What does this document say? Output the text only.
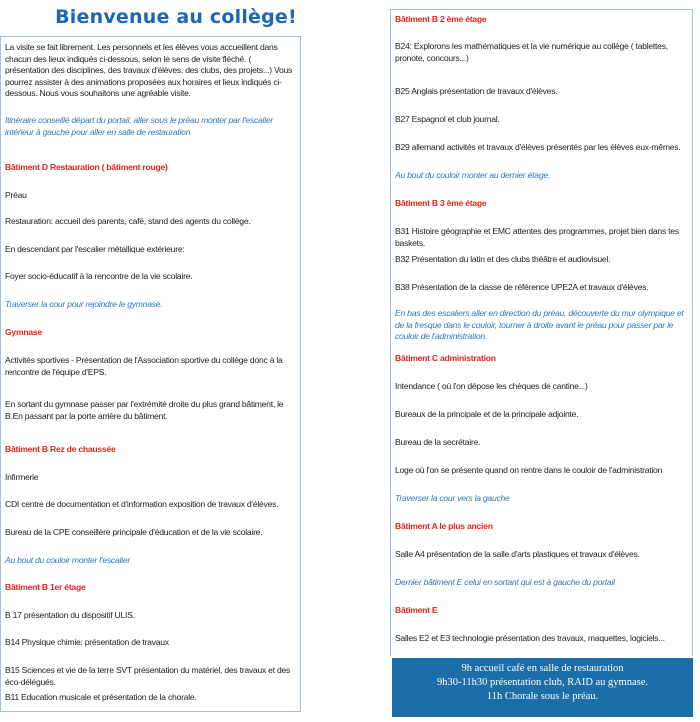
Bienvenue au collège!
La visite se fait librement. Les personnels et les élèves vous accueillent dans chacun des lieux indiqués ci-dessous, selon le sens de visite fléché. ( présentation des disciplines, des travaux d'élèves, des clubs, des projets...) Vous pourrez assister à des animations proposées aux horaires et lieux indiqués ci-dessous. Nous vous souhaitons une agréable visite.
Itinéraire conseillé départ du portail, aller sous le préau monter par l'escalier intérieur à gauche pour aller en salle de restauration
Bâtiment D Restauration ( bâtiment rouge)
Préau
Restauration: accueil des parents, café, stand des agents du collège.
En descendant par l'escalier métallique extérieure:
Foyer socio-éducatif à la rencontre de la vie scolaire.
Traverser la cour pour rejoindre le gymnase.
Gymnase
Activités sportives - Présentation de l'Association sportive du collège donc à la rencontre de l'équipe d'EPS.
En sortant du gymnase passer par l'extrémité droite du plus grand bâtiment, le B.En passant par la porte arrière du bâtiment.
Bâtiment B Rez de chaussée
Infirmerie
CDI centre de documentation et d'information exposition de travaux d'élèves.
Bureau de la CPE conseillère principale d'éducation et de la vie scolaire.
Au bout du couloir monter l'escalier
Bâtiment B 1er étage
B 17 présentation du dispositif ULIS.
B14 Physique chimie: présentation de travaux
B15 Sciences et vie de la terre SVT présentation du matériel, des travaux et des éco-délégués.
B11 Education musicale et présentation de la chorale.
Bâtiment B 2 ème étage
B24: Explorons les mathématiques et la vie numérique au collège ( tablettes, pronote, concours...)
B25 Anglais présentation de travaux d'élèves.
B27 Espagnol et club journal.
B29 allemand activités et travaux d'élèves présentés par les élèves eux-mêmes.
Au bout du couloir monter au dernier étage.
Bâtiment B 3 ème étage
B31 Histoire géographie et EMC attentes des programmes, projet bien dans tes baskets.
B32 Présentation du latin et des clubs théâtre et audiovisuel.
B38 Présentation de la classe de référence UPE2A et travaux d'élèves.
En bas des escaliers aller en direction du préau, découverte du mur olympique et de la fresque dans le couloir, tourner à droite avant le préau pour passer par le couloir de l'administration.
Bâtiment C administration
Intendance ( où l'on dépose les chèques de cantine...)
Bureaux de la principale et de la principale adjointe.
Bureau de la secrétaire.
Loge où l'on se présente quand on rentre dans le couloir de l'administration
Traverser la cour vers la gauche
Bâtiment A le plus ancien
Salle A4 présentation de la salle d'arts plastiques et travaux d'élèves.
Dernier bâtiment E celui en sortant qui est à gauche du portail
Bâtiment E
Salles E2 et E3 technologie présentation des travaux, maquettes, logiciels...
9h accueil café en salle de restauration
9h30-11h30 présentation club, RAID au gymnase.
11h Chorale sous le préau.
